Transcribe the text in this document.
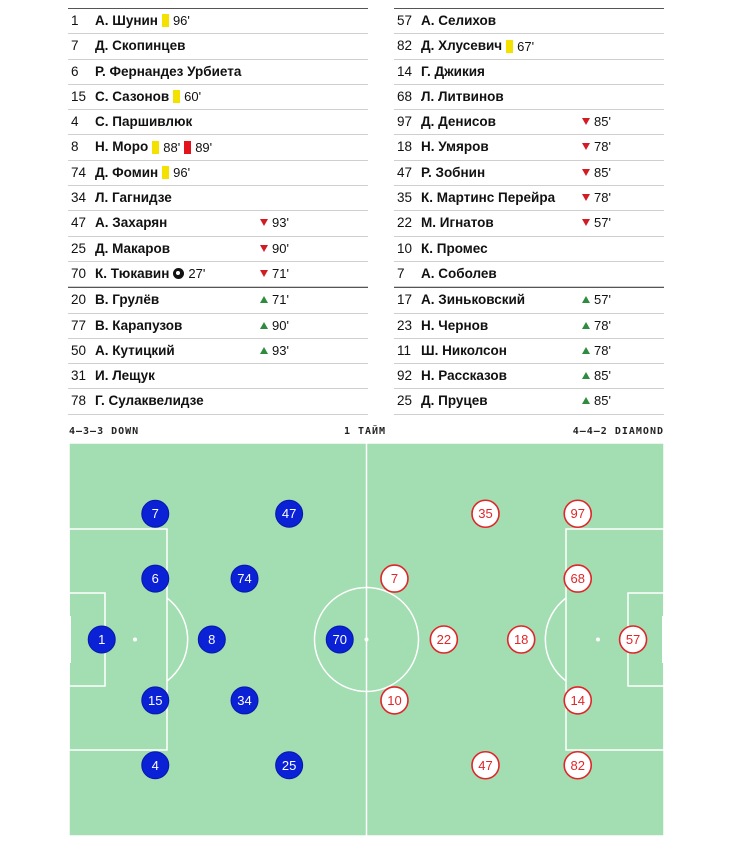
1	А. Шунин 96'
7	Д. Скопинцев
6	Р. Фернандез Урбиета
15 С. Сазонов 60'
4	С. Паршивлюк
8	Н. Моро 88' 89'
74 Д. Фомин 96'
34 Л. Гагнидзе
47 А. Захарян	93'
25 Д. Макаров	90'
70 К. Тюкавин 27'	71'
20 В. Грулёв	71'
77 В. Карапузов	90'
50 А. Кутицкий	93'
31 И. Лещук
78 Г. Сулаквелидзе
57 А. Селихов
82 Д. Хлусевич 67'
14 Г. Джикия
68 Л. Литвинов
97 Д. Денисов	85'
18 Н. Умяров	78'
47 Р. Зобнин	85'
35 К. Мартинс Перейра	78'
22 М. Игнатов	57'
10 К. Промес
7	А. Соболев
17 А. Зиньковский	57'
23 Н. Чернов	78'
11 Ш. Николсон	78'
92 Н. Рассказов	85'
25 Д. Пруцев	85'
4–3–3 DOWN	1 ТАЙМ	4–4–2 DIAMOND
7	47
6	74
1	8	70
15	34
4	25
35	97
7	68
22	18	57
10	14
47	82
